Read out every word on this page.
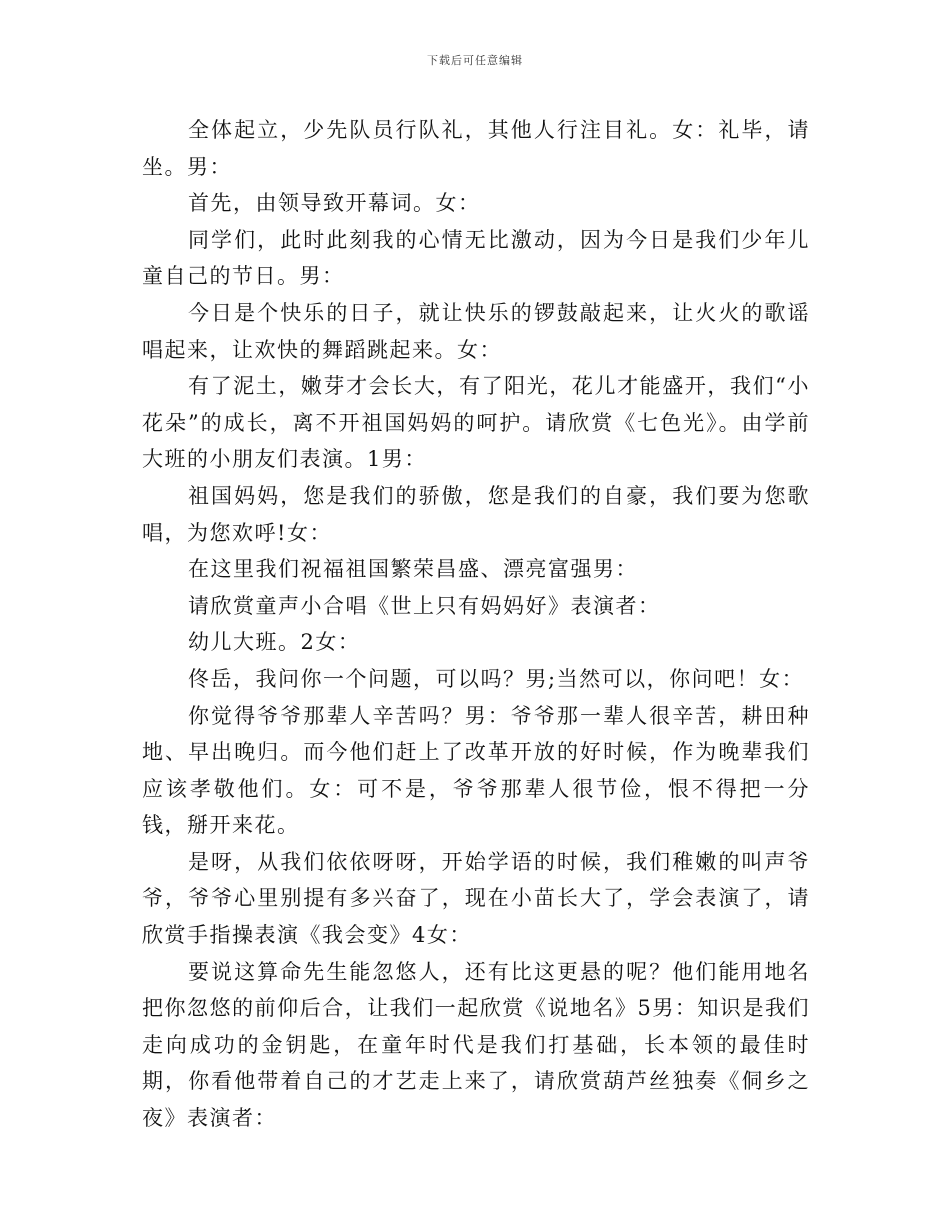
下载后可任意编辑

全体起立，少先队员行队礼，其他人行注目礼。女：礼毕，请坐。男：

首先，由领导致开幕词。女：

同学们，此时此刻我的心情无比激动，因为今日是我们少年儿童自己的节日。男：

今日是个快乐的日子，就让快乐的锣鼓敲起来，让火火的歌谣唱起来，让欢快的舞蹈跳起来。女：

有了泥土，嫩芽才会长大，有了阳光，花儿才能盛开，我们“小花朵”的成长，离不开祖国妈妈的呵护。请欣赏《七色光》。由学前大班的小朋友们表演。1男：

祖国妈妈，您是我们的骄傲，您是我们的自豪，我们要为您歌唱，为您欢呼!女：

在这里我们祝福祖国繁荣昌盛、漂亮富强男：

请欣赏童声小合唱《世上只有妈妈好》表演者：

幼儿大班。2女：

佟岳，我问你一个问题，可以吗？男;当然可以，你问吧！女：

你觉得爷爷那辈人辛苦吗？男：爷爷那一辈人很辛苦，耕田种地、早出晚归。而今他们赶上了改革开放的好时候，作为晚辈我们应该孝敬他们。女：可不是，爷爷那辈人很节俭，恨不得把一分钱，掰开来花。

是呀，从我们依依呀呀，开始学语的时候，我们稚嫩的叫声爷爷，爷爷心里别提有多兴奋了，现在小苗长大了，学会表演了，请欣赏手指操表演《我会变》4女：

要说这算命先生能忽悠人，还有比这更悬的呢？他们能用地名把你忽悠的前仰后合，让我们一起欣赏《说地名》5男：知识是我们走向成功的金钥匙，在童年时代是我们打基础，长本领的最佳时期，你看他带着自己的才艺走上来了，请欣赏葫芦丝独奏《侗乡之夜》表演者：
